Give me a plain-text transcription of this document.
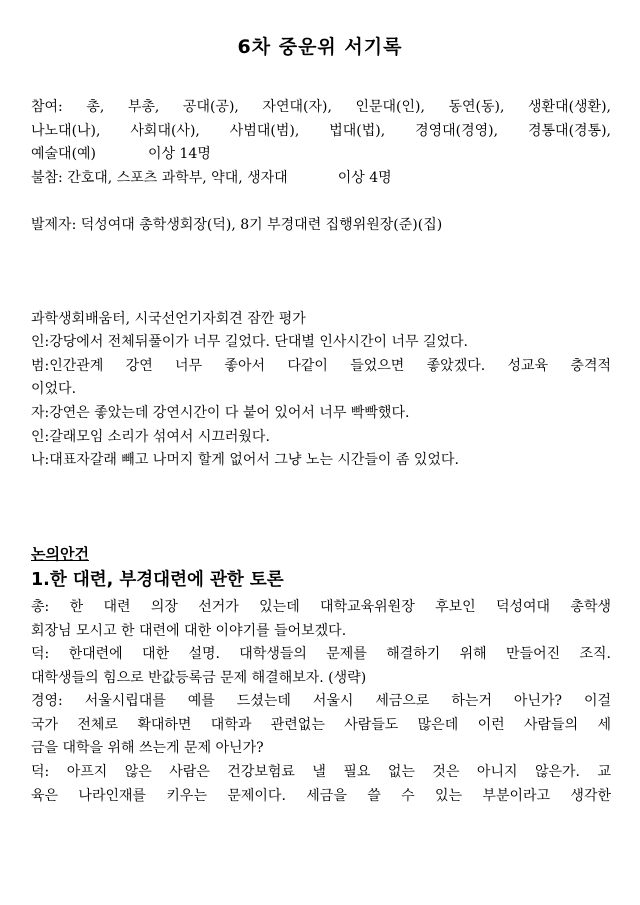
6차 중운위 서기록
참여: 총, 부총, 공대(공), 자연대(자), 인문대(인), 동연(동), 생환대(생환),
나노대(나), 사회대(사), 사범대(범), 법대(법), 경영대(경영), 경통대(경통),
예술대(예)	이상 14명
불참: 간호대, 스포츠 과학부, 약대, 생자대	이상 4명
발제자: 덕성여대 총학생회장(덕), 8기 부경대련 집행위원장(준)(집)
과학생회배움터, 시국선언기자회견 잠깐 평가
인:강당에서 전체뒤풀이가 너무 길었다. 단대별 인사시간이 너무 길었다.
범:인간관계 강연 너무 좋아서 다같이 들었으면 좋았겠다. 성교육 충격적
이었다.
자:강연은 좋았는데 강연시간이 다 붙어 있어서 너무 빡빡했다.
인:갈래모임 소리가 섞여서 시끄러웠다.
나:대표자갈래 빼고 나머지 할게 없어서 그냥 노는 시간들이 좀 있었다.
논의안건
1.한 대련, 부경대련에 관한 토론
총: 한 대련 의장 선거가 있는데 대학교육위원장 후보인 덕성여대 총학생
회장님 모시고 한 대련에 대한 이야기를 들어보겠다.
덕: 한대련에 대한 설명. 대학생들의 문제를 해결하기 위해 만들어진 조직.
대학생들의 힘으로 반값등록금 문제 해결해보자. (생략)
경영: 서울시립대를 예를 드셨는데 서울시 세금으로 하는거 아닌가? 이걸
국가 전체로 확대하면 대학과 관련없는 사람들도 많은데 이런 사람들의 세
금을 대학을 위해 쓰는게 문제 아닌가?
덕: 아프지 않은 사람은 건강보험료 낼 필요 없는 것은 아니지 않은가. 교
육은 나라인재를 키우는 문제이다. 세금을 쓸 수 있는 부분이라고 생각한
